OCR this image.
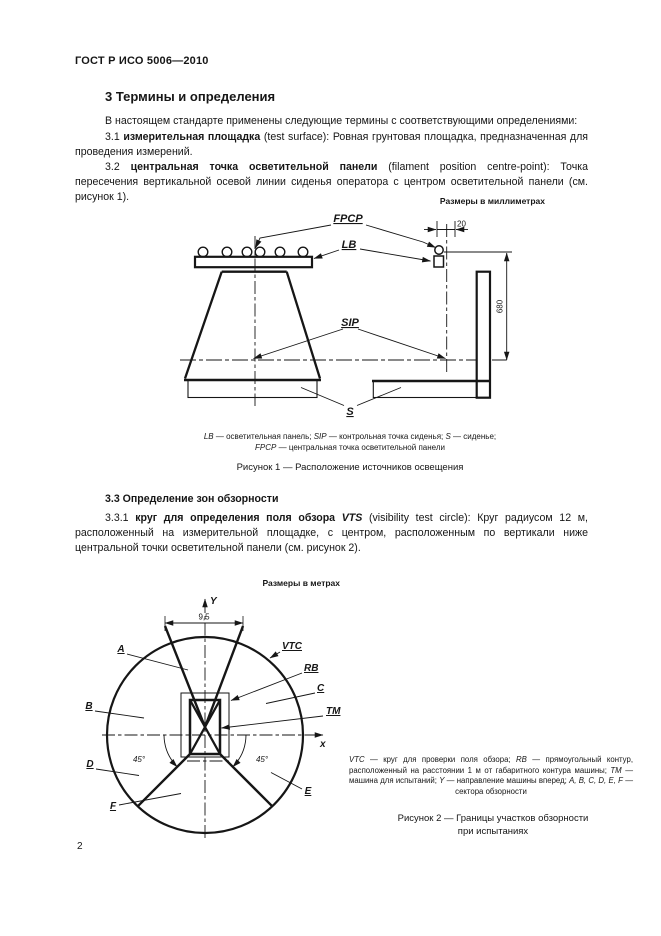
ГОСТ Р ИСО 5006—2010
3 Термины и определения

В настоящем стандарте применены следующие термины с соответствующими определениями:

3.1 измерительная площадка (test surface): Ровная грунтовая площадка, предназначенная для проведения измерений.

3.2 центральная точка осветительной панели (filament position centre-point): Точка пересечения вертикальной осевой линии сиденья оператора с центром осветительной панели (см. рисунок 1).	Размеры в миллиметрах
680
20
FPCP
LB
SIP
S
LB — осветительная панель; SIP — контрольная точка сиденья; S — сиденье;
FPCP — центральная точка осветительной панели
Рисунок 1 — Расположение источников освещения
3.3 Определение зон обзорности

3.3.1 круг для определения поля обзора VTS (visibility test circle): Круг радиусом 12 м, расположенный на измерительной площадке, с центром, расположенным по вертикали ниже центральной точки осветительной панели (см. рисунок 2).

Размеры в метрах
Y
x
9,5
45°	45°
A
B
VTC
RB
C
TM
D
E
F
VTC — круг для проверки поля обзора; RB — прямоугольный контур, расположенный на расстоянии 1 м от габаритного контура машины; TM — машина для испытаний; Y — направление машины вперед; A, B, C, D, E, F — сектора обзорности
Рисунок 2 — Границы участков обзорности
при испытаниях
2
